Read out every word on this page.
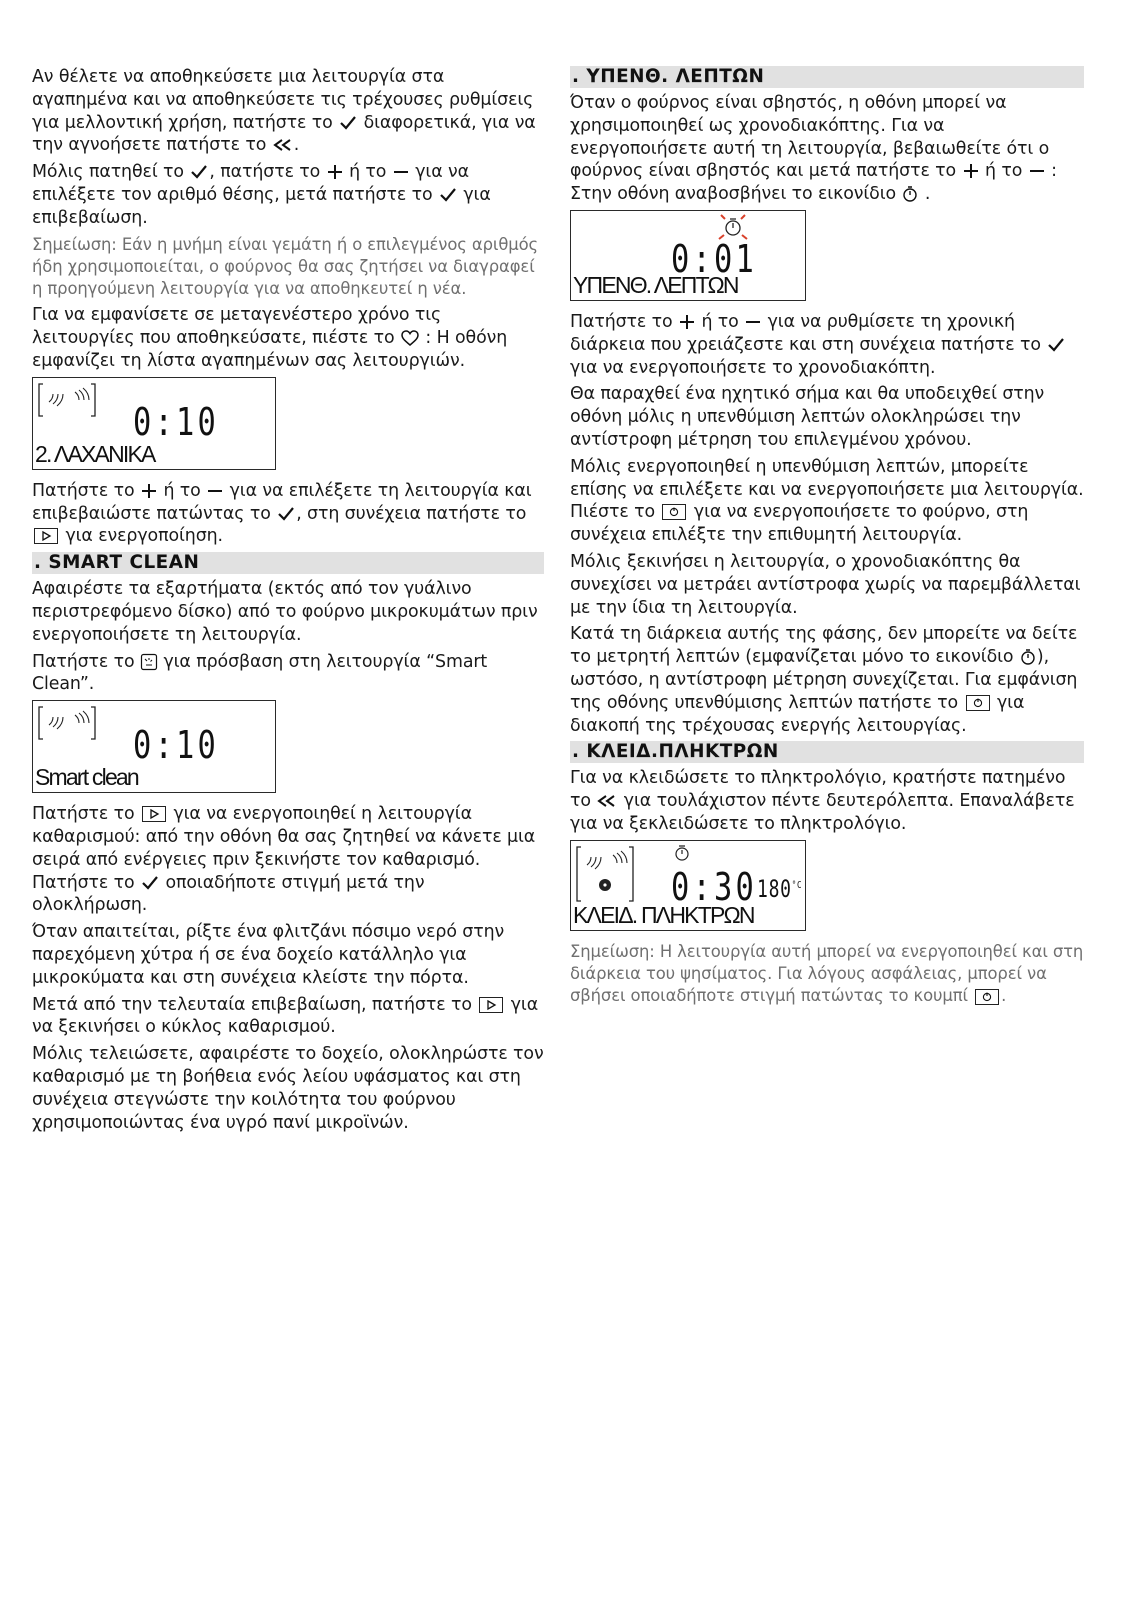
Αν θέλετε να αποθηκεύσετε μια λειτουργία στα αγαπημένα και να αποθηκεύσετε τις τρέχουσες ρυθμίσεις για μελλοντική χρήση, πατήστε το διαφορετικά, για να την αγνοήσετε πατήστε το .

Μόλις πατηθεί το , πατήστε το ή το για να επιλέξετε τον αριθμό θέσης, μετά πατήστε το για επιβεβαίωση.

Σημείωση: Εάν η μνήμη είναι γεμάτη ή ο επιλεγμένος αριθμός ήδη χρησιμοποιείται, ο φούρνος θα σας ζητήσει να διαγραφεί η προηγούμενη λειτουργία για να αποθηκευτεί η νέα.

Για να εμφανίσετε σε μεταγενέστερο χρόνο τις λειτουργίες που αποθηκεύσατε, πιέστε το : Η οθόνη εμφανίζει τη λίστα αγαπημένων σας λειτουργιών.

0:10
2. ΛΑΧΑΝΙΚΑ

Πατήστε το ή το για να επιλέξετε τη λειτουργία και επιβεβαιώστε πατώντας το , στη συνέχεια πατήστε το
για ενεργοποίηση.

. SMART CLEAN

Αφαιρέστε τα εξαρτήματα (εκτός από τον γυάλινο περιστρεφόμενο δίσκο) από το φούρνο μικροκυμάτων πριν ενεργοποιήσετε τη λειτουργία.

Πατήστε το για πρόσβαση στη λειτουργία “Smart Clean”.

0:10
Smart clean

Πατήστε το για να ενεργοποιηθεί η λειτουργία καθαρισμού: από την οθόνη θα σας ζητηθεί να κάνετε μια σειρά από ενέργειες πριν ξεκινήστε τον καθαρισμό. Πατήστε το οποιαδήποτε στιγμή μετά την ολοκλήρωση.

Όταν απαιτείται, ρίξτε ένα φλιτζάνι πόσιμο νερό στην παρεχόμενη χύτρα ή σε ένα δοχείο κατάλληλο για μικροκύματα και στη συνέχεια κλείστε την πόρτα.

Μετά από την τελευταία επιβεβαίωση, πατήστε το για να ξεκινήσει ο κύκλος καθαρισμού.

Μόλις τελειώσετε, αφαιρέστε το δοχείο, ολοκληρώστε τον καθαρισμό με τη βοήθεια ενός λείου υφάσματος και στη συνέχεια στεγνώστε την κοιλότητα του φούρνου χρησιμοποιώντας ένα υγρό πανί μικροϊνών.

. ΥΠΕΝΘ. ΛΕΠΤΩΝ

Όταν ο φούρνος είναι σβηστός, η οθόνη μπορεί να χρησιμοποιηθεί ως χρονοδιακόπτης. Για να ενεργοποιήσετε αυτή τη λειτουργία, βεβαιωθείτε ότι ο φούρνος είναι σβηστός και μετά πατήστε το ή το : Στην οθόνη αναβοσβήνει το εικονίδιο .

0:01
ΥΠΕΝΘ. ΛΕΠΤΩΝ

Πατήστε το ή το για να ρυθμίσετε τη χρονική διάρκεια που χρειάζεστε και στη συνέχεια πατήστε το  για να ενεργοποιήσετε το χρονοδιακόπτη.

Θα παραχθεί ένα ηχητικό σήμα και θα υποδειχθεί στην οθόνη μόλις η υπενθύμιση λεπτών ολοκληρώσει την αντίστροφη μέτρηση του επιλεγμένου χρόνου.

Μόλις ενεργοποιηθεί η υπενθύμιση λεπτών, μπορείτε επίσης να επιλέξετε και να ενεργοποιήσετε μια λειτουργία. Πιέστε το για να ενεργοποιήσετε το φούρνο, στη συνέχεια επιλέξτε την επιθυμητή λειτουργία.

Μόλις ξεκινήσει η λειτουργία, ο χρονοδιακόπτης θα συνεχίσει να μετράει αντίστροφα χωρίς να παρεμβάλλεται με την ίδια τη λειτουργία.

Κατά τη διάρκεια αυτής της φάσης, δεν μπορείτε να δείτε το μετρητή λεπτών (εμφανίζεται μόνο το εικονίδιο ), ωστόσο, η αντίστροφη μέτρηση συνεχίζεται. Για εμφάνιση της οθόνης υπενθύμισης λεπτών πατήστε το για διακοπή της τρέχουσας ενεργής λειτουργίας.

. ΚΛΕΙΔ.ΠΛΗΚΤΡΩΝ

Για να κλειδώσετε το πληκτρολόγιο, κρατήστε πατημένο το για τουλάχιστον πέντε δευτερόλεπτα. Επαναλάβετε για να ξεκλειδώσετε το πληκτρολόγιο.

0:30 $180^{^\circ C}$
ΚΛΕΙΔ. ΠΛΗΚΤΡΩΝ

Σημείωση: Η λειτουργία αυτή μπορεί να ενεργοποιηθεί και στη διάρκεια του ψησίματος. Για λόγους ασφάλειας, μπορεί να σβήσει οποιαδήποτε στιγμή πατώντας το κουμπί .
